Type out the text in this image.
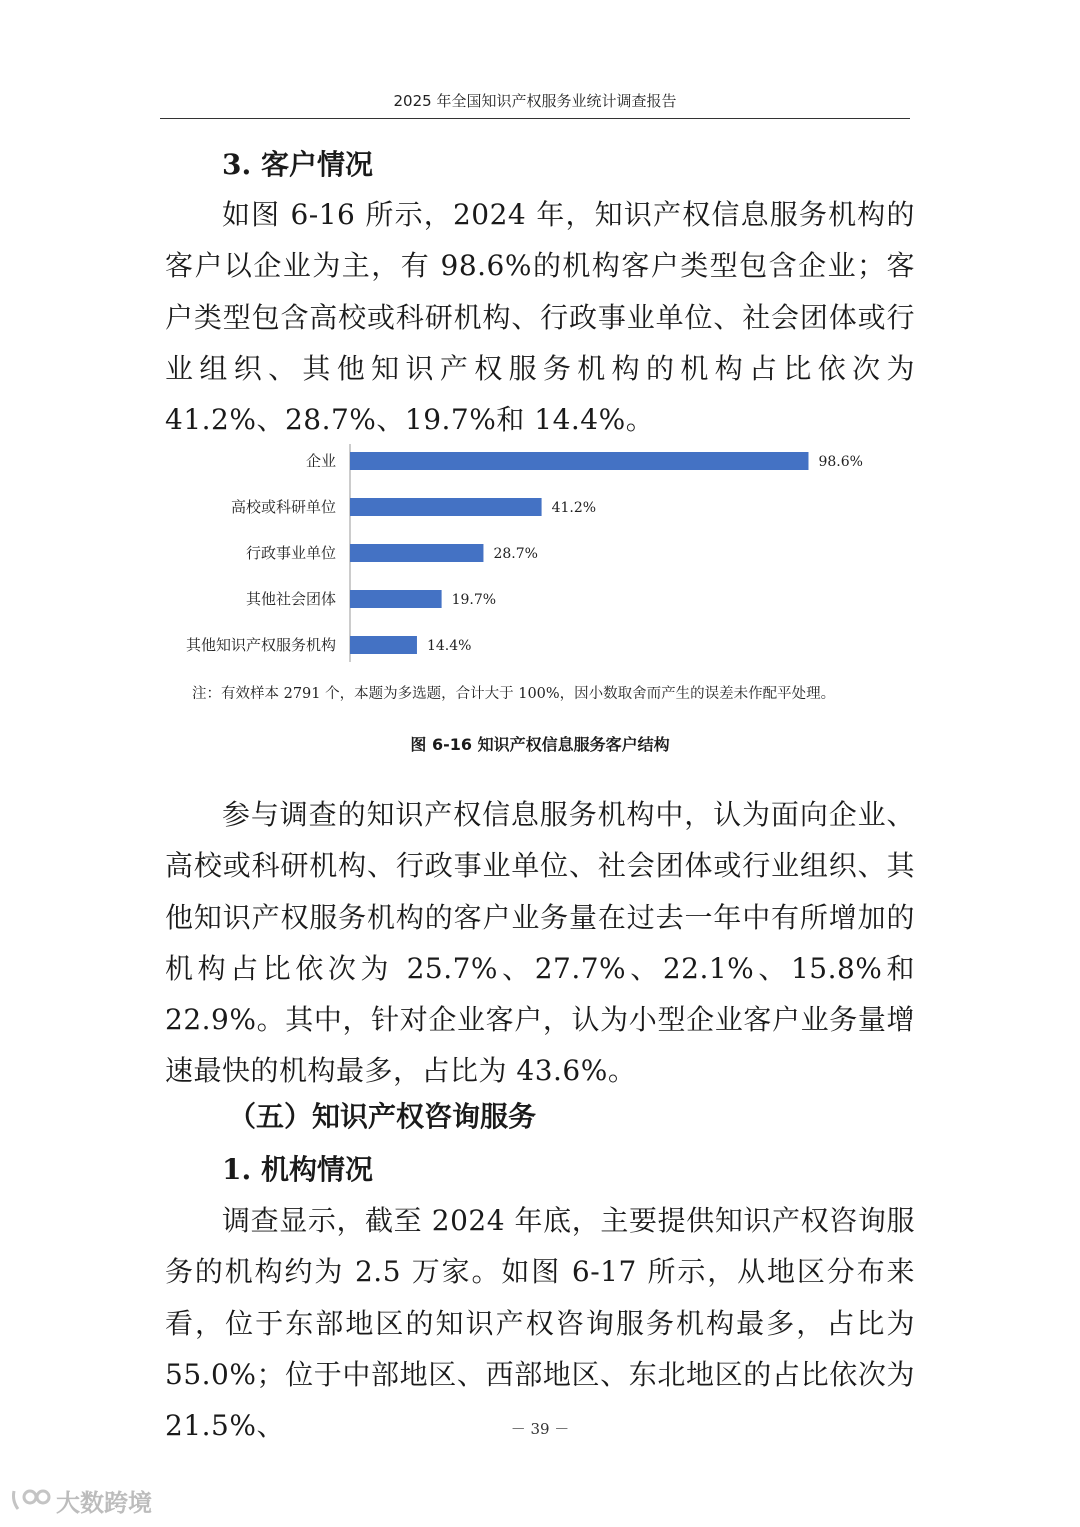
2025 年全国知识产权服务业统计调查报告
3. 客户情况

如图 6-16 所示，2024 年，知识产权信息服务机构的客户以企业为主，有 98.6%的机构客户类型包含企业；客户类型包含高校或科研机构、行政事业单位、社会团体或行业组织、其他知识产权服务机构的机构占比依次为 41.2%、28.7%、19.7%和 14.4%。

企业	98.6%
高校或科研单位	41.2%
行政事业单位	28.7%
其他社会团体	19.7%
其他知识产权服务机构	14.4%
注：有效样本 2791 个，本题为多选题，合计大于 100%，因小数取舍而产生的误差未作配平处理。
图 6-16 知识产权信息服务客户结构

参与调查的知识产权信息服务机构中，认为面向企业、高校或科研机构、行政事业单位、社会团体或行业组织、其他知识产权服务机构的客户业务量在过去一年中有所增加的机构占比依次为 25.7%、27.7%、22.1%、15.8%和 22.9%。其中，针对企业客户，认为小型企业客户业务量增速最快的机构最多，占比为 43.6%。

（五）知识产权咨询服务
1. 机构情况

调查显示，截至 2024 年底，主要提供知识产权咨询服务的机构约为 2.5 万家。如图 6-17 所示，从地区分布来看，位于东部地区的知识产权咨询服务机构最多，占比为 55.0%；位于中部地区、西部地区、东北地区的占比依次为 21.5%、	－ 39 －
大数跨境
